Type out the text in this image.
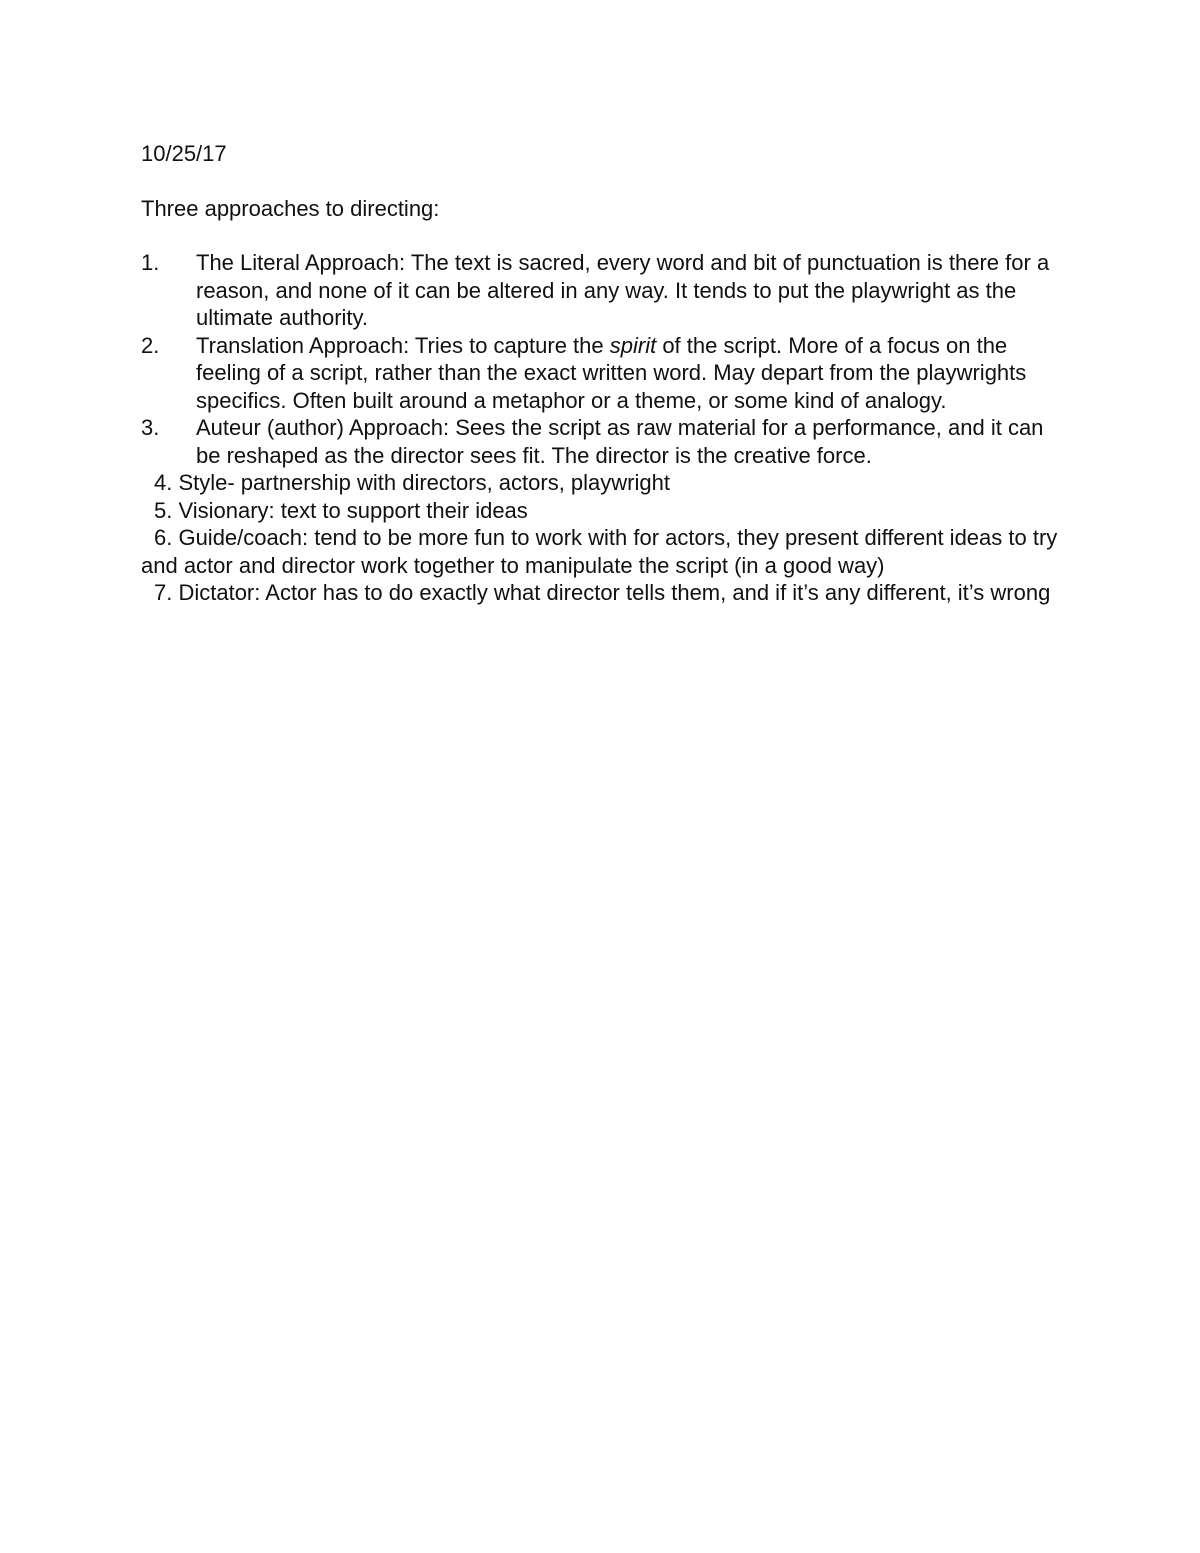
10/25/17
Three approaches to directing:
1. The Literal Approach: The text is sacred, every word and bit of punctuation is there for a reason, and none of it can be altered in any way. It tends to put the playwright as the ultimate authority.
2. Translation Approach: Tries to capture the spirit of the script. More of a focus on the feeling of a script, rather than the exact written word. May depart from the playwrights specifics. Often built around a metaphor or a theme, or some kind of analogy.
3. Auteur (author) Approach: Sees the script as raw material for a performance, and it can be reshaped as the director sees fit. The director is the creative force.
4. Style- partnership with directors, actors, playwright
5. Visionary: text to support their ideas
6. Guide/coach: tend to be more fun to work with for actors, they present different ideas to try and actor and director work together to manipulate the script (in a good way)
7. Dictator: Actor has to do exactly what director tells them, and if it’s any different, it’s wrong
